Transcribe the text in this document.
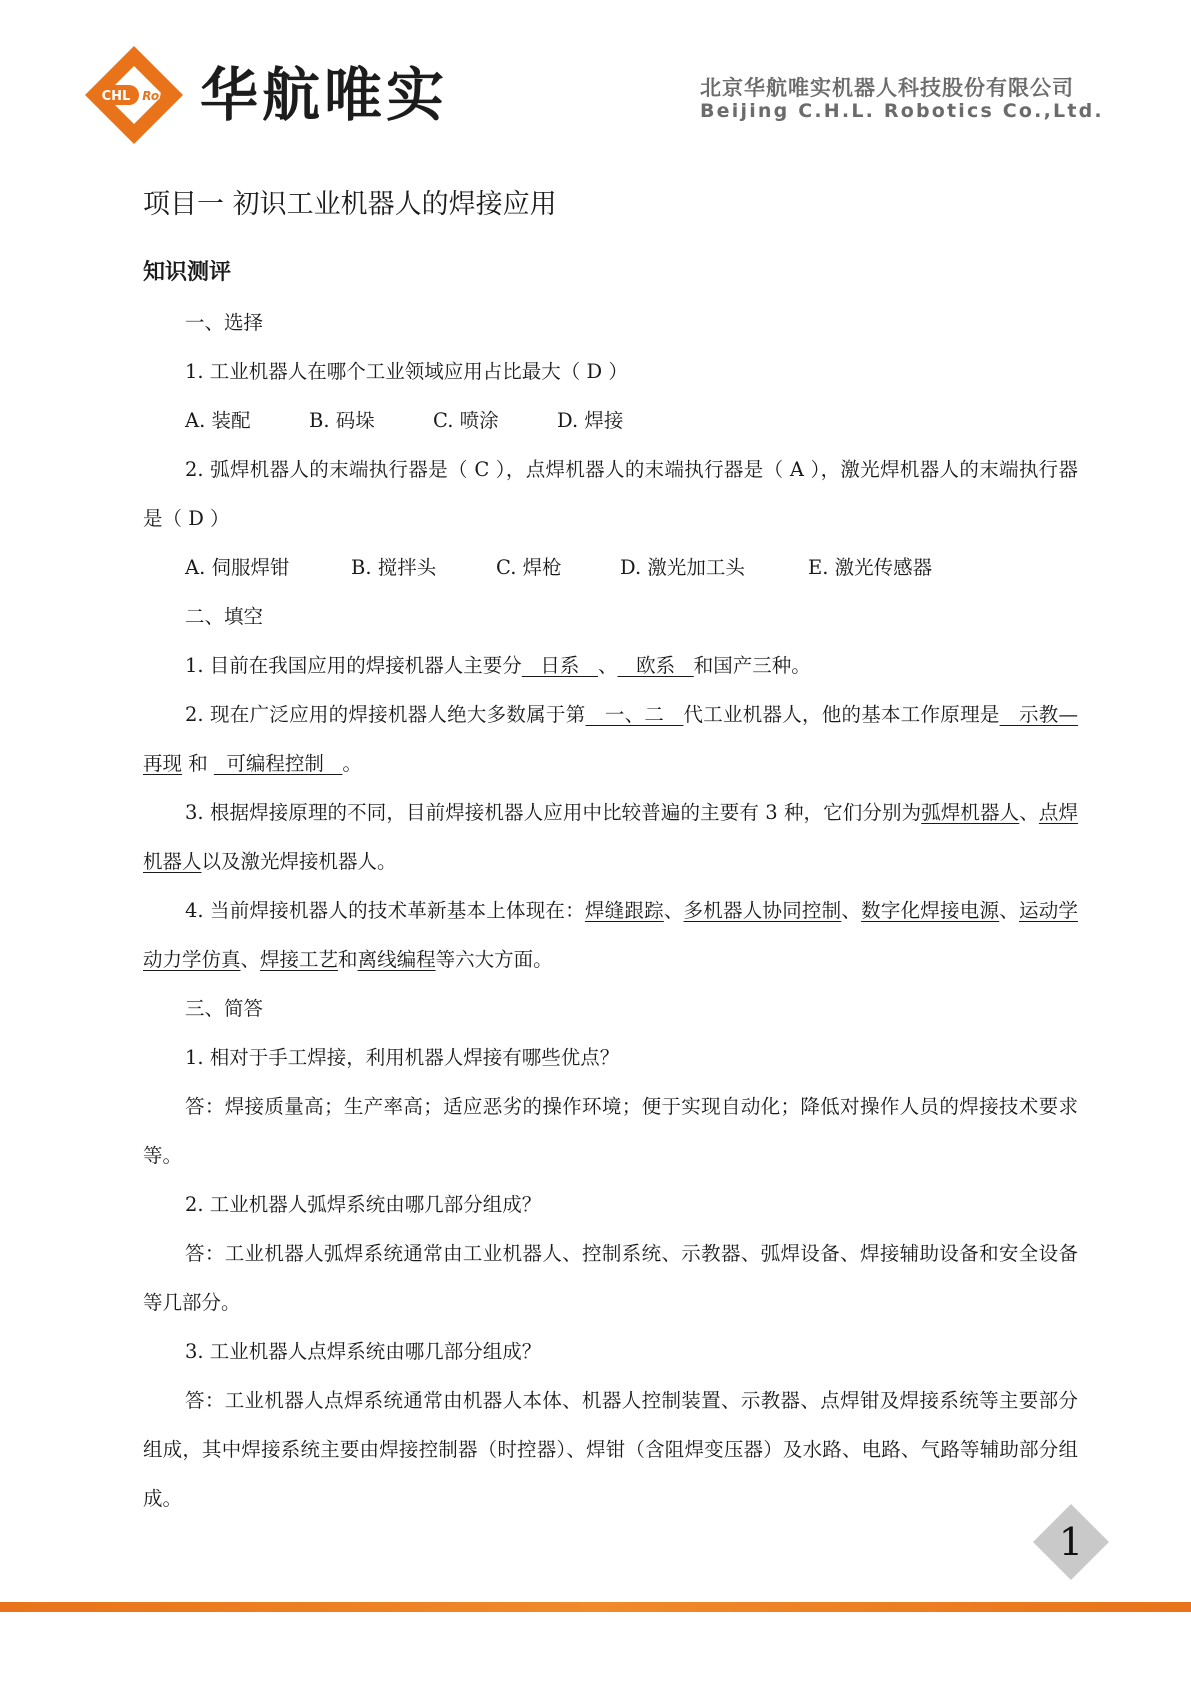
CHL Rob 华航唯实	北京华航唯实机器人科技股份有限公司
Beijing C.H.L. Robotics Co.,Ltd.
项目一 初识工业机器人的焊接应用
知识测评

一、选择

1. 工业机器人在哪个工业领域应用占比最大（ D ）

A. 装配	B. 码垛	C. 喷涂	D. 焊接

2. 弧焊机器人的末端执行器是（ C ），点焊机器人的末端执行器是（ A ），激光焊机器人的末端执行器是（ D ）

A. 伺服焊钳	B. 搅拌头	C. 焊枪	D. 激光加工头	E. 激光传感器

二、填空

1. 目前在我国应用的焊接机器人主要分   日系   、   欧系   和国产三种。

2. 现在广泛应用的焊接机器人绝大多数属于第   一、二   代工业机器人，他的基本工作原理是   示教—再现 和   可编程控制   。

3. 根据焊接原理的不同，目前焊接机器人应用中比较普遍的主要有 3 种，它们分别为弧焊机器人、点焊机器人以及激光焊接机器人。

4. 当前焊接机器人的技术革新基本上体现在：焊缝跟踪、多机器人协同控制、数字化焊接电源、运动学动力学仿真、焊接工艺和离线编程等六大方面。

三、简答

1. 相对于手工焊接，利用机器人焊接有哪些优点？

答：焊接质量高；生产率高；适应恶劣的操作环境；便于实现自动化；降低对操作人员的焊接技术要求等。

2. 工业机器人弧焊系统由哪几部分组成？

答：工业机器人弧焊系统通常由工业机器人、控制系统、示教器、弧焊设备、焊接辅助设备和安全设备等几部分。

3. 工业机器人点焊系统由哪几部分组成？

答：工业机器人点焊系统通常由机器人本体、机器人控制装置、示教器、点焊钳及焊接系统等主要部分组成，其中焊接系统主要由焊接控制器（时控器）、焊钳（含阻焊变压器）及水路、电路、气路等辅助部分组成。

1
